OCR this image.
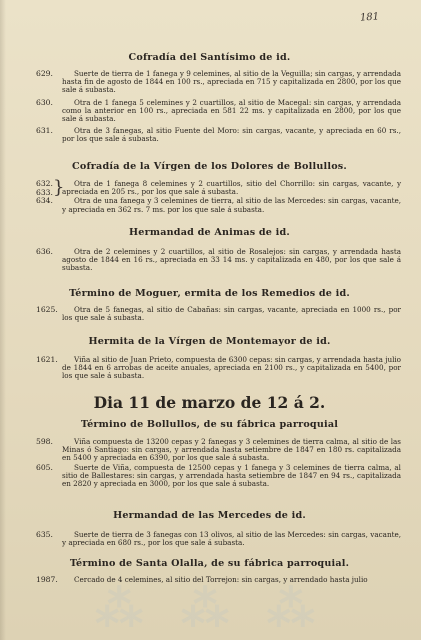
181

Cofradía del Santísimo de id.

629.	Suerte de tierra de 1 fanega y 9 celemines, al sitio de la Veguilla; sin cargas, y arrendada hasta fin de agosto de 1844 en 100 rs., apreciada en 715 y capitalizada en 2800, por los que sale á subasta.

630.	Otra de 1 fanega 5 celemines y 2 cuartillos, al sitio de Macegal: sin cargas, y arrendada como la anterior en 100 rs., apreciada en 581 22 ms. y capitalizada en 2800, por los que sale á subasta.

631.	Otra de 3 fanegas, al sitio Fuente del Moro: sin cargas, vacante, y apreciada en 60 rs., por los que sale á subasta.

Cofradía de la Vírgen de los Dolores de Bollullos.

632. } Otra de 1 fanega 8 celemines y 2 cuartillos, sitio del Chorrillo: sin cargas, vacante, y apreciada en 205 rs., por los que sale á subasta.

633.

634.	Otra de una fanega y 3 celemines de tierra, al sitio de las Mercedes: sin cargas, vacante, y apreciada en 362 rs. 7 ms. por los que sale á subasta.

Hermandad de Animas de id.

636.	Otra de 2 celemines y 2 cuartillos, al sitio de Rosalejos: sin cargas, y arrendada hasta agosto de 1844 en 16 rs., apreciada en 33 14 ms. y capitalizada en 480, por los que sale á subasta.

Término de Moguer, ermita de los Remedios de id.

1625. Otra de 5 fanegas, al sitio de Cabañas: sin cargas, vacante, apreciada en 1000 rs., por los que sale á subasta.

Hermita de la Vírgen de Montemayor de id.

1621. Viña al sitio de Juan Prieto, compuesta de 6300 cepas: sin cargas, y arrendada hasta julio de 1844 en 6 arrobas de aceite anuales, apreciada en 2100 rs., y capitalizada en 5400, por los que sale á subasta.

Dia 11 de marzo de 12 á 2.

Término de Bollullos, de su fábrica parroquial

598.	Viña compuesta de 13200 cepas y 2 fanegas y 3 celemines de tierra calma, al sitio de las Minas ó Santiago: sin cargas, y arrendada hasta setiembre de 1847 en 180 rs. capitalizada en 5400 y apreciada en 6390, por los que sale á subasta.

605.	Suerte de Viña, compuesta de 12500 cepas y 1 fanega y 3 celemines de tierra calma, al sitio de Ballestares: sin cargas, y arrendada hasta setiembre de 1847 en 94 rs., capitalizada en 2820 y apreciada en 3000, por los que sale á subasta.

Hermandad de las Mercedes de id.

635.	Suerte de tierra de 3 fanegas con 13 olivos, al sitio de las Mercedes: sin cargas, vacante, y apreciada en 680 rs., por los que sale á subasta.

Término de Santa Olalla, de su fábrica parroquial.

1987. Cercado de 4 celemines, al sitio del Torrejon: sin cargas, y arrendado hasta julio

⁂ ⁂ ⁂
